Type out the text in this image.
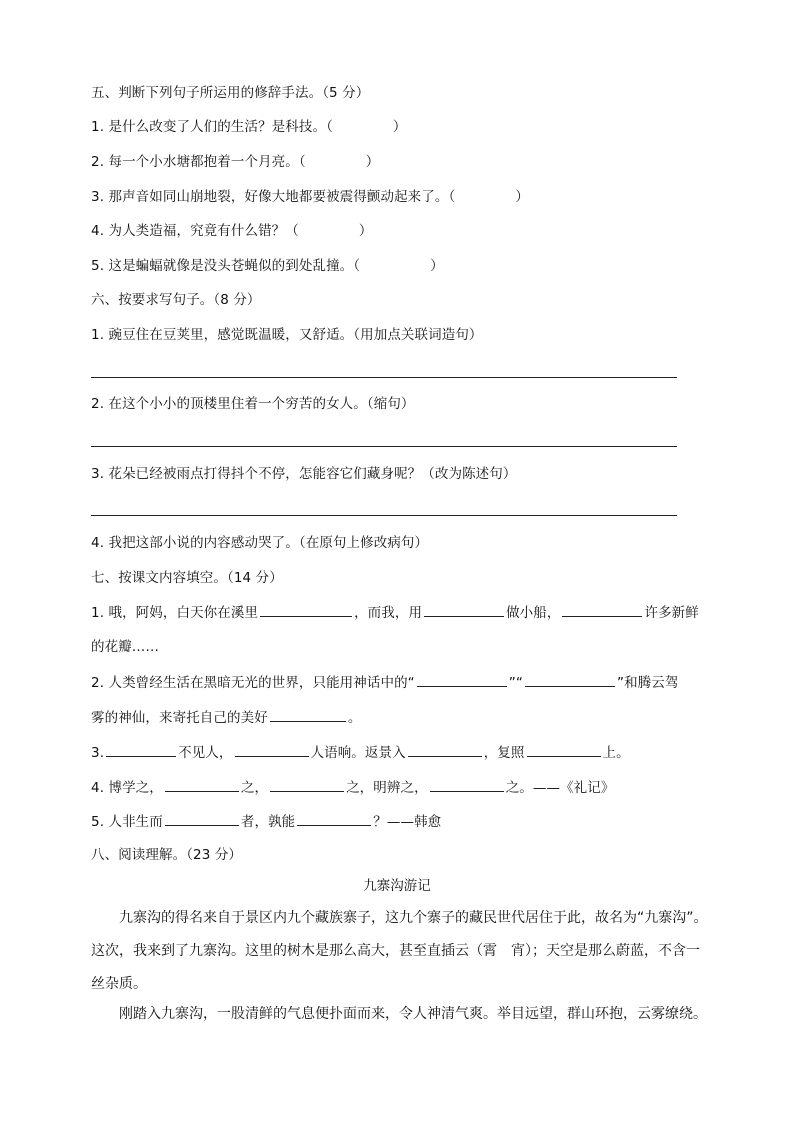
五、判断下列句子所运用的修辞手法。（5 分）
1. 是什么改变了人们的生活？是科技。（	）
2. 每一个小水塘都抱着一个月亮。（	）
3. 那声音如同山崩地裂，好像大地都要被震得颤动起来了。（	）
4. 为人类造福，究竟有什么错？（	）
5. 这是蝙蝠就像是没头苍蝇似的到处乱撞。（	）
六、按要求写句子。（8 分）
1. 豌豆住在豆荚里，感觉既温暖，又舒适。（用加点关联词造句）
2. 在这个小小的顶楼里住着一个穷苦的女人。（缩句）
3. 花朵已经被雨点打得抖个不停，怎能容它们藏身呢？（改为陈述句）
4. 我把这部小说的内容感动哭了。（在原句上修改病句）
七、按课文内容填空。（14 分）
1. 哦，阿妈，白天你在溪里	，而我，用	做小船，	许多新鲜
的花瓣……
2. 人类曾经生活在黑暗无光的世界，只能用神话中的“	”“	”和腾云驾
雾的神仙，来寄托自己的美好	。
3.	不见人，	人语响。返景入	，复照	上。
4. 博学之，	之，	之，明辨之，	之。——《礼记》
5. 人非生而	者，孰能	？——韩愈
八、阅读理解。（23 分）
九寨沟游记
九寨沟的得名来自于景区内九个藏族寨子，这九个寨子的藏民世代居住于此，故名为“九寨沟”。 这次，我来到了九寨沟。这里的树木是那么高大，甚至直插云（霄　宵）；天空是那么蔚蓝，不含一丝杂质。
刚踏入九寨沟，一股清鲜的气息便扑面而来，令人神清气爽。举目远望，群山环抱，云雾缭绕。
